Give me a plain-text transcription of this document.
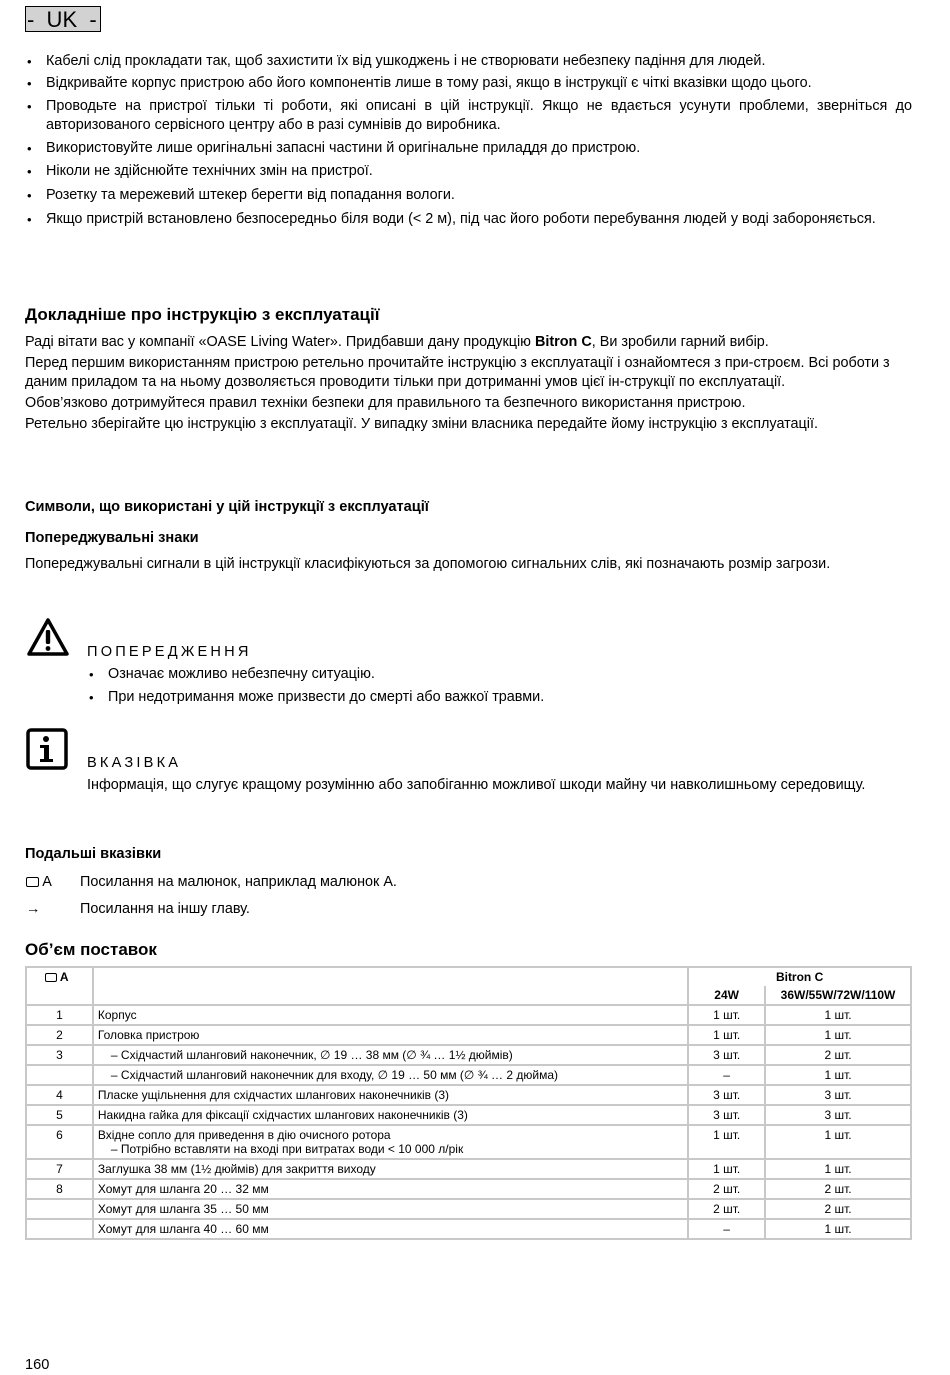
-  UK  -
• Кабелі слід прокладати так, щоб захистити їх від ушкоджень і не створювати небезпеку падіння для людей.
• Відкривайте корпус пристрою або його компонентів лише в тому разі, якщо в інструкції є чіткі вказівки щодо цього.
• Проводьте на пристрої тільки ті роботи, які описані в цій інструкції. Якщо не вдається усунути проблеми, зверніться до авторизованого сервісного центру або в разі сумнівів до виробника.
• Використовуйте лише оригінальні запасні частини й оригінальне приладдя до пристрою.
• Ніколи не здійснюйте технічних змін на пристрої.
• Розетку та мережевий штекер берегти від попадання вологи.
• Якщо пристрій встановлено безпосередньо біля води (< 2 м), під час його роботи перебування людей у воді забороняється.
Докладніше про інструкцію з експлуатації

Раді вітати вас у компанії «OASE Living Water». Придбавши дану продукцію Bitron C, Ви зробили гарний вибір.

Перед першим використанням пристрою ретельно прочитайте інструкцію з експлуатації і ознайомтеся з при-строєм. Всі роботи з даним приладом та на ньому дозволяється проводити тільки при дотриманні умов цієї ін-струкції по експлуатації.

Обов’язково дотримуйтеся правил техніки безпеки для правильного та безпечного використання пристрою.

Ретельно зберігайте цю інструкцію з експлуатації. У випадку зміни власника передайте йому інструкцію з експлуатації.

Символи, що використані у цій інструкції з експлуатації
Попереджувальні знаки

Попереджувальні сигнали в цій інструкції класифікуються за допомогою сигнальних слів, які позначають розмір загрози.

ПОПЕРЕДЖЕННЯ
• Означає можливо небезпечну ситуацію.
• При недотримання може призвести до смерті або важкої травми.
ВКАЗІВКА

Інформація, що слугує кращому розумінню або запобіганню можливої шкоди майну чи навколишньому середовищу.

Подальші вказівки
A Посилання на малюнок, наприклад малюнок А.
→	Посилання на іншу главу.
Об’єм поставок
A		Bitron C	
		24W	36W/55W/72W/110W
1	Корпус	1 шт.	1 шт.
2	Головка пристрою	1 шт.	1 шт.
3	– Східчастий шланговий наконечник, ∅ 19 … 38 мм (∅ ¾ … 1½ дюймів)	3 шт.	2 шт.

	– Східчастий шланговий наконечник для входу, ∅ 19 … 50 мм (∅ ¾ … 2 дюйма)	–	1 шт.
4	Пласке ущільнення для східчастих шлангових наконечників (3)	3 шт.	3 шт.
5	Накидна гайка для фіксації східчастих шлангових наконечників (3)	3 шт.	3 шт.
6	Вхідне сопло для приведення в дію очисного ротора
– Потрібно вставляти на вході при витратах води < 10 000 л/рік	1 шт.	1 шт.
7	Заглушка 38 мм (1½ дюймів) для закриття виходу	1 шт.	1 шт.
8	Хомут для шланга 20 … 32 мм	2 шт.	2 шт.

	Хомут для шланга 35 … 50 мм	2 шт.	2 шт.

	Хомут для шланга 40 … 60 мм	–	1 шт.
160
